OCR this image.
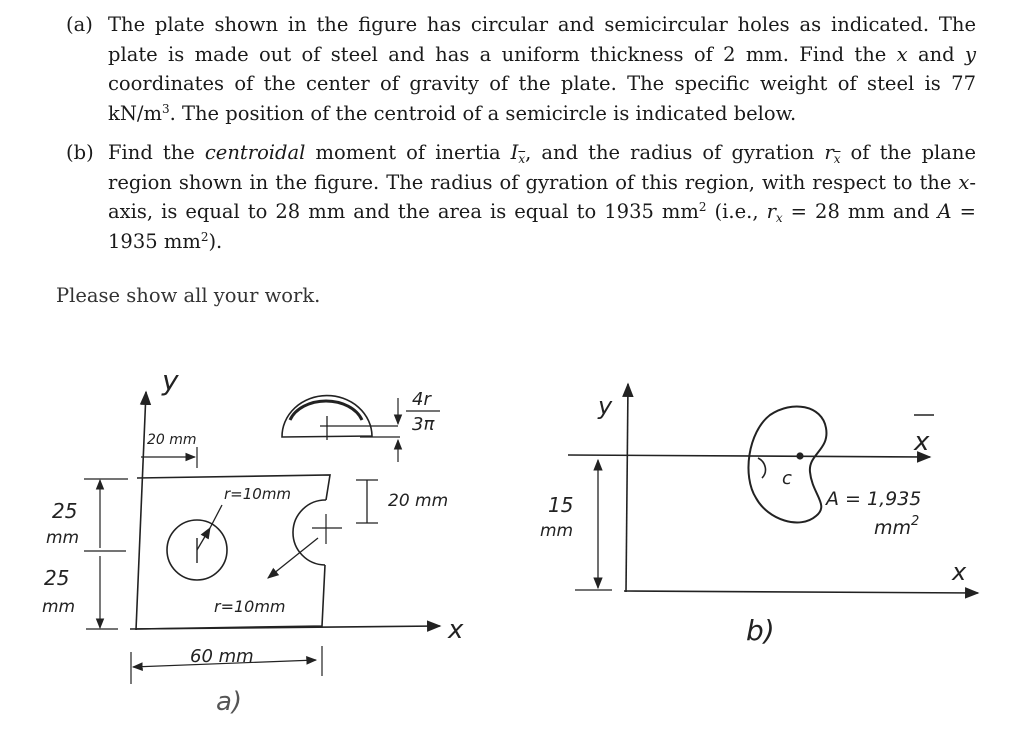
(a) The plate shown in the figure has circular and semicircular holes as indicated. The plate is made out of steel and has a uniform thickness of 2 mm. Find the x and y coordinates of the center of gravity of the plate. The specific weight of steel is 77 $kN/m^3$. The position of the centroid of a semicircle is indicated below.
(b) Find the centroidal moment of inertia $I_{\overline{x}}$, and the radius of gyration $r_{\overline{x}}$ of the plane region shown in the figure. The radius of gyration of this region, with respect to the x-axis, is equal to 28 mm and the area is equal to 1935 $mm^2$ (i.e., $r_x = 28$ mm and A = 1935 $mm^2$).
Please show all your work.
y
x
20 mm
r=10mm
r=10mm
20 mm
25
mm
25
mm
60 mm
4r
3π
a)
y
x
x
c
15
mm
A = 1,935
$mm^2$
b)
